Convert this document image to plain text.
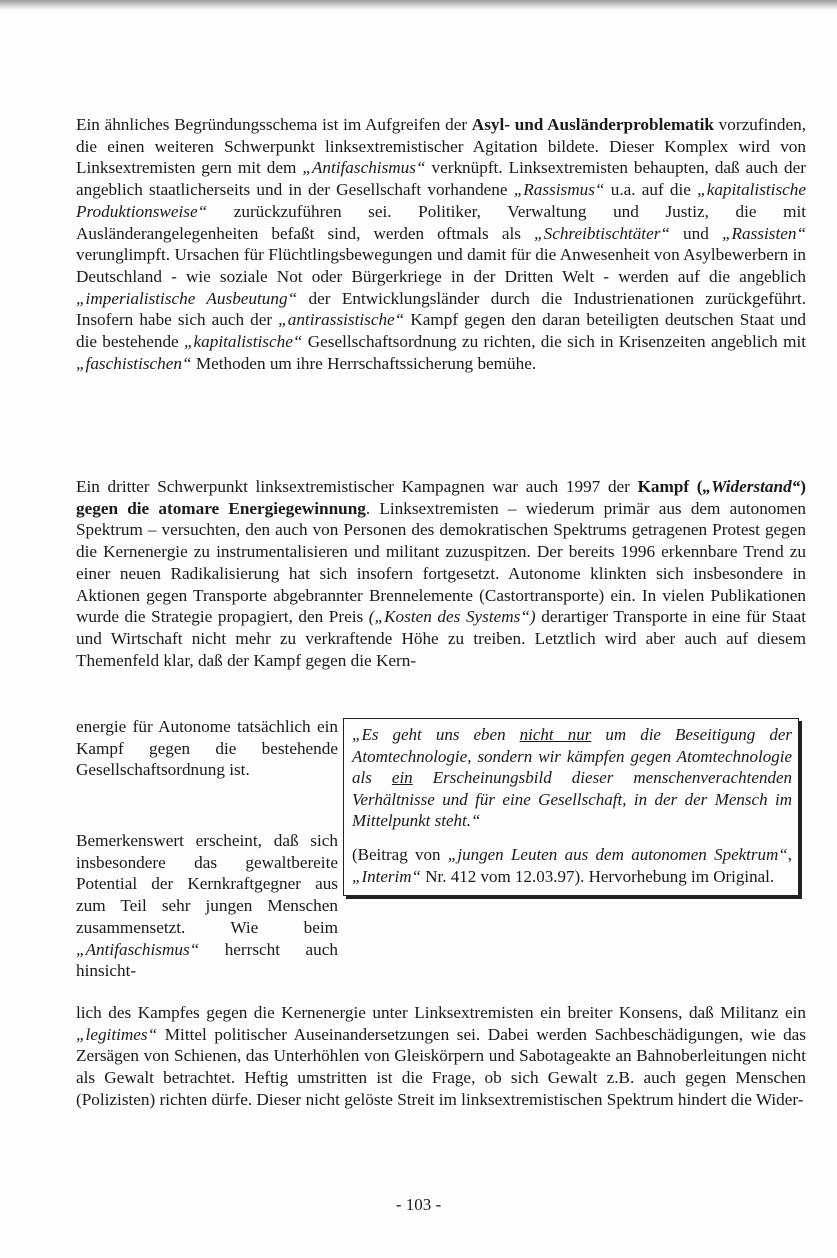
Ein ähnliches Begründungsschema ist im Aufgreifen der Asyl- und Ausländerproblematik vorzufinden, die einen weiteren Schwerpunkt linksextremistischer Agitation bildete. Dieser Komplex wird von Linksextremisten gern mit dem „Antifaschismus“ verknüpft. Linksextremisten behaupten, daß auch der angeblich staatlicherseits und in der Gesellschaft vorhandene „Rassismus“ u.a. auf die „kapitalistische Produktionsweise“ zurückzuführen sei. Politiker, Verwaltung und Justiz, die mit Ausländerangelegenheiten befaßt sind, werden oftmals als „Schreibtischtäter“ und „Rassisten“ verunglimpft. Ursachen für Flüchtlingsbewegungen und damit für die Anwesenheit von Asylbewerbern in Deutschland - wie soziale Not oder Bürgerkriege in der Dritten Welt - werden auf die angeblich „imperialistische Ausbeutung“ der Entwicklungsländer durch die Industrienationen zurückgeführt. Insofern habe sich auch der „antirassistische“ Kampf gegen den daran beteiligten deutschen Staat und die bestehende „kapitalistische“ Gesellschaftsordnung zu richten, die sich in Krisenzeiten angeblich mit „faschistischen“ Methoden um ihre Herrschaftssicherung bemühe.

Ein dritter Schwerpunkt linksextremistischer Kampagnen war auch 1997 der Kampf („Widerstand“) gegen die atomare Energiegewinnung. Linksextremisten – wiederum primär aus dem autonomen Spektrum – versuchten, den auch von Personen des demokratischen Spektrums getragenen Protest gegen die Kernenergie zu instrumentalisieren und militant zuzuspitzen. Der bereits 1996 erkennbare Trend zu einer neuen Radikalisierung hat sich insofern fortgesetzt. Autonome klinkten sich insbesondere in Aktionen gegen Transporte abgebrannter Brennelemente (Castortransporte) ein. In vielen Publikationen wurde die Strategie propagiert, den Preis („Kosten des Systems“) derartiger Transporte in eine für Staat und Wirtschaft nicht mehr zu verkraftende Höhe zu treiben. Letztlich wird aber auch auf diesem Themenfeld klar, daß der Kampf gegen die Kern-

energie für Autonome tatsächlich ein Kampf gegen die bestehende Gesellschaftsordnung ist.

Bemerkenswert erscheint, daß sich insbesondere das gewaltbereite Potential der Kernkraftgegner aus zum Teil sehr jungen Menschen zusammensetzt. Wie beim „Antifaschismus“ herrscht auch hinsicht-

lich des Kampfes gegen die Kernenergie unter Linksextremisten ein breiter Konsens, daß Militanz ein „legitimes“ Mittel politischer Auseinandersetzungen sei. Dabei werden Sachbeschädigungen, wie das Zersägen von Schienen, das Unterhöhlen von Gleiskörpern und Sabotageakte an Bahnoberleitungen nicht als Gewalt betrachtet. Heftig umstritten ist die Frage, ob sich Gewalt z.B. auch gegen Menschen (Polizisten) richten dürfe. Dieser nicht gelöste Streit im linksextremistischen Spektrum hindert die Wider-

„Es geht uns eben nicht nur um die Beseitigung der Atomtechnologie, sondern wir kämpfen gegen Atomtechnologie als ein Erscheinungsbild dieser menschenverachtenden Verhältnisse und für eine Gesellschaft, in der der Mensch im Mittelpunkt steht.“

(Beitrag von „jungen Leuten aus dem autonomen Spektrum“, „Interim“ Nr. 412 vom 12.03.97). Hervorhebung im Original.

- 103 -
